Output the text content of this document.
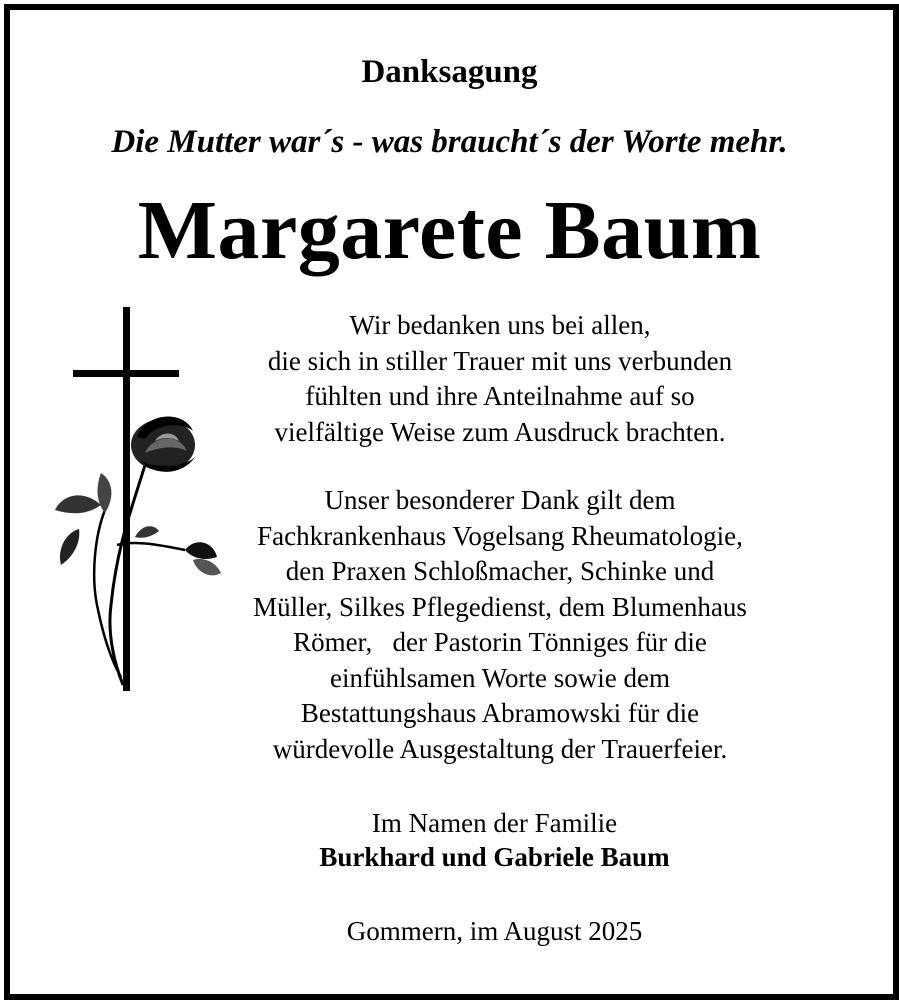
Danksagung
Die Mutter war´s - was braucht´s der Worte mehr.
Margarete Baum
Wir bedanken uns bei allen,
die sich in stiller Trauer mit uns verbunden
fühlten und ihre Anteilnahme auf so
vielfältige Weise zum Ausdruck brachten.
Unser besonderer Dank gilt dem
Fachkrankenhaus Vogelsang Rheumatologie,
den Praxen Schloßmacher, Schinke und
Müller, Silkes Pflegedienst, dem Blumenhaus
Römer,   der Pastorin Tönniges für die
einfühlsamen Worte sowie dem
Bestattungshaus Abramowski für die
würdevolle Ausgestaltung der Trauerfeier.
Im Namen der Familie
Burkhard und Gabriele Baum
Gommern, im August 2025
